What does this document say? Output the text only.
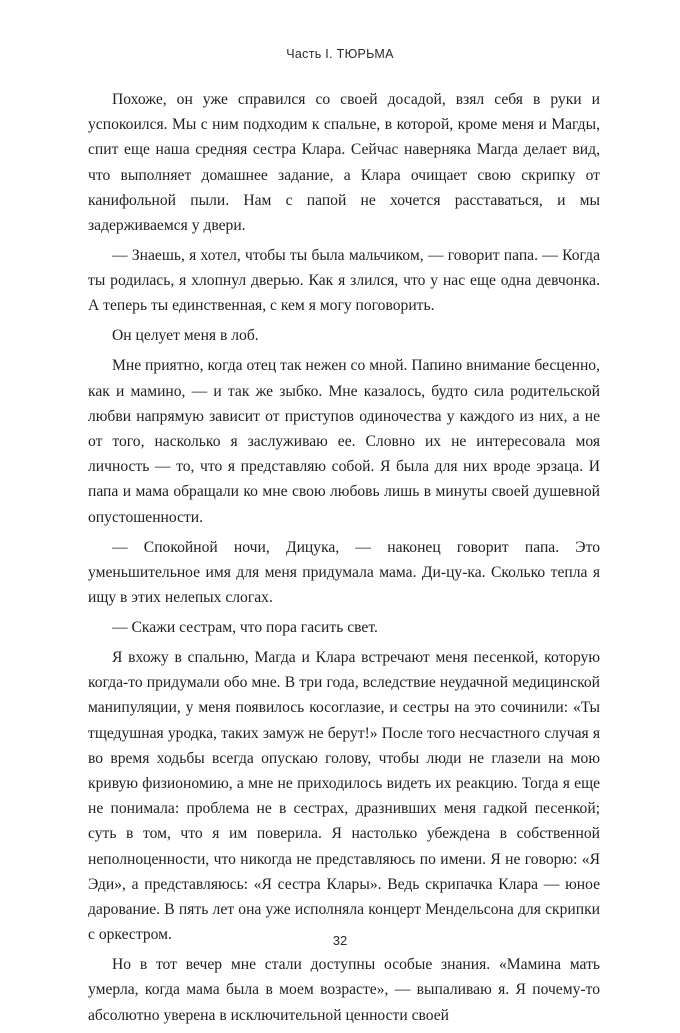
Часть I. ТЮРЬМА

Похоже, он уже справился со своей досадой, взял себя в руки и успокоился. Мы с ним подходим к спальне, в которой, кроме меня и Магды, спит еще наша средняя сестра Клара. Сейчас наверняка Магда делает вид, что выполняет домашнее задание, а Клара очищает свою скрипку от канифольной пыли. Нам с папой не хочется расставаться, и мы задерживаемся у двери.

— Знаешь, я хотел, чтобы ты была мальчиком, — говорит папа. — Когда ты родилась, я хлопнул дверью. Как я злился, что у нас еще одна девчонка. А теперь ты единственная, с кем я могу поговорить.

Он целует меня в лоб.

Мне приятно, когда отец так нежен со мной. Папино внимание бесценно, как и мамино, — и так же зыбко. Мне казалось, будто сила родительской любви напрямую зависит от приступов одиночества у каждого из них, а не от того, насколько я заслуживаю ее. Словно их не интересовала моя личность — то, что я представляю собой. Я была для них вроде эрзаца. И папа и мама обращали ко мне свою любовь лишь в минуты своей душевной опустошенности.

— Спокойной ночи, Дицука, — наконец говорит папа. Это уменьшительное имя для меня придумала мама. Ди-цу-ка. Сколько тепла я ищу в этих нелепых слогах.

— Скажи сестрам, что пора гасить свет.

Я вхожу в спальню, Магда и Клара встречают меня песенкой, которую когда-то придумали обо мне. В три года, вследствие неудачной медицинской манипуляции, у меня появилось косоглазие, и сестры на это сочинили: «Ты тщедушная уродка, таких замуж не берут!» После того несчастного случая я во время ходьбы всегда опускаю голову, чтобы люди не глазели на мою кривую физиономию, а мне не приходилось видеть их реакцию. Тогда я еще не понимала: проблема не в сестрах, дразнивших меня гадкой песенкой; суть в том, что я им поверила. Я настолько убеждена в собственной неполноценности, что никогда не представляюсь по имени. Я не говорю: «Я Эди», а представляюсь: «Я сестра Клары». Ведь скрипачка Клара — юное дарование. В пять лет она уже исполняла концерт Мендельсона для скрипки с оркестром.

Но в тот вечер мне стали доступны особые знания. «Мамина мать умерла, когда мама была в моем возрасте», — выпаливаю я. Я почему-то абсолютно уверена в исключительной ценности своей

32
